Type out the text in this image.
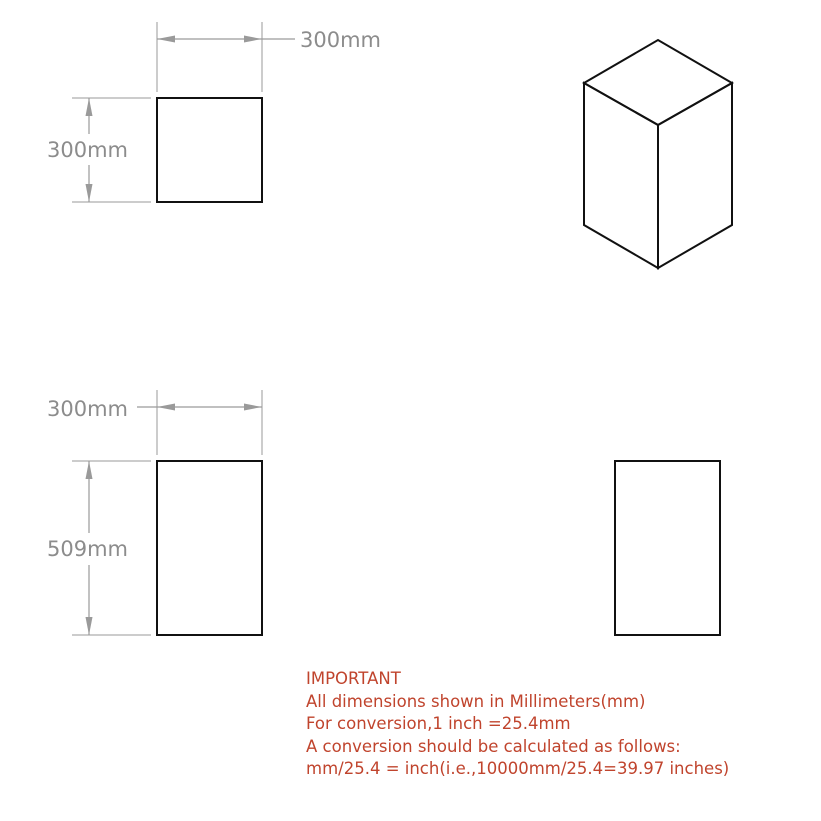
300mm
300mm
300mm
509mm
IMPORTANT
All dimensions shown in Millimeters(mm)
For conversion,1 inch =25.4mm
A conversion should be calculated as follows:
mm/25.4 = inch(i.e.,10000mm/25.4=39.97 inches)
